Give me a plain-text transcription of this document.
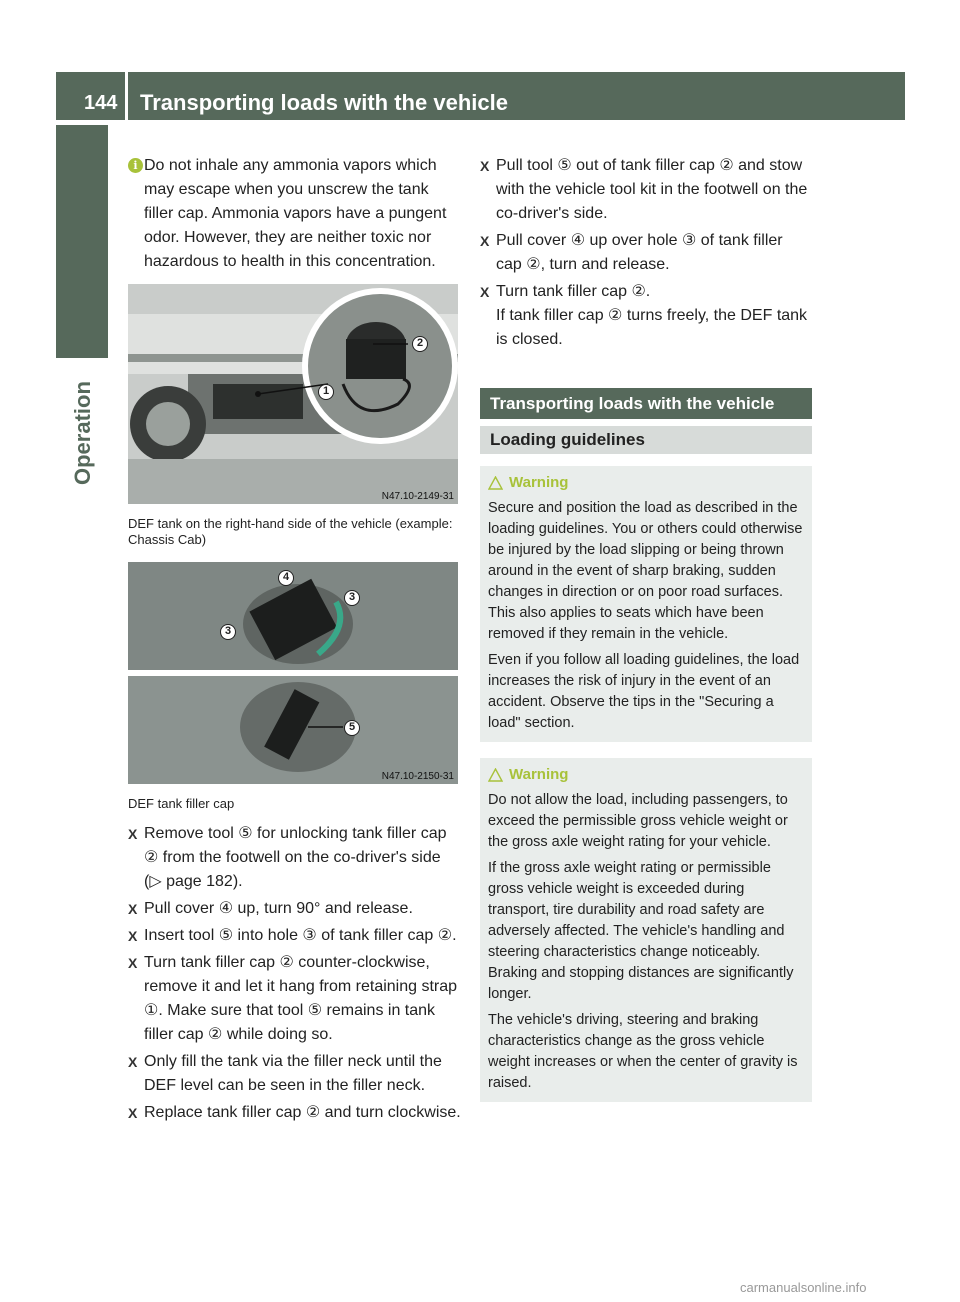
144 Transporting loads with the vehicle
Operation
i Do not inhale any ammonia vapors which may escape when you unscrew the tank filler cap. Ammonia vapors have a pungent odor. However, they are neither toxic nor hazardous to health in this concentration.
1
2
N47.10-2149-31
DEF tank on the right-hand side of the vehicle (example: Chassis Cab)
4
3
3
5
N47.10-2150-31
DEF tank filler cap
X Remove tool ⑤ for unlocking tank filler cap ② from the footwell on the co-driver's side (▷ page 182).
X Pull cover ④ up, turn 90° and release.
X Insert tool ⑤ into hole ③ of tank filler cap ②.
X Turn tank filler cap ② counter-clockwise, remove it and let it hang from retaining strap ①. Make sure that tool ⑤ remains in tank filler cap ② while doing so.
X Only fill the tank via the filler neck until the DEF level can be seen in the filler neck.
X Replace tank filler cap ② and turn clockwise.
X Pull tool ⑤ out of tank filler cap ② and stow with the vehicle tool kit in the footwell on the co-driver's side.
X Pull cover ④ up over hole ③ of tank filler cap ②, turn and release.
X Turn tank filler cap ②.
If tank filler cap ② turns freely, the DEF tank is closed.
Transporting loads with the vehicle
Loading guidelines
Warning

Secure and position the load as described in the loading guidelines. You or others could otherwise be injured by the load slipping or being thrown around in the event of sharp braking, sudden changes in direction or on poor road surfaces. This also applies to seats which have been removed if they remain in the vehicle.

Even if you follow all loading guidelines, the load increases the risk of injury in the event of an accident. Observe the tips in the "Securing a load" section.

Warning

Do not allow the load, including passengers, to exceed the permissible gross vehicle weight or the gross axle weight rating for your vehicle.

If the gross axle weight rating or permissible gross vehicle weight is exceeded during transport, tire durability and road safety are adversely affected. The vehicle's handling and steering characteristics change noticeably. Braking and stopping distances are significantly longer.

The vehicle's driving, steering and braking characteristics change as the gross vehicle weight increases or when the center of gravity is raised.

carmanualsonline.info
